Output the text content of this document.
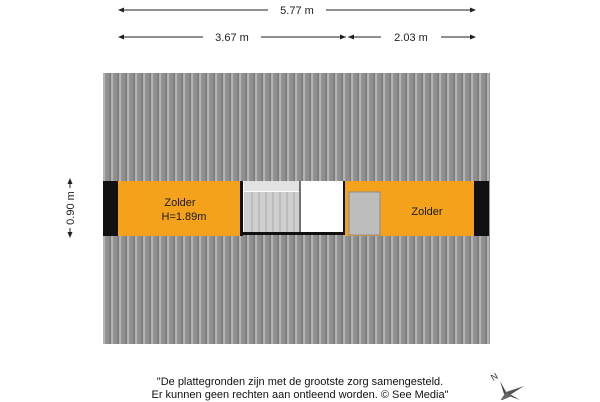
5.77 m
3.67 m	2.03 m
0.90 m	Zolder
H=1.89m	Zolder
N
"De plattegronden zijn met de grootste zorg samengesteld.
Er kunnen geen rechten aan ontleend worden. © See Media"
